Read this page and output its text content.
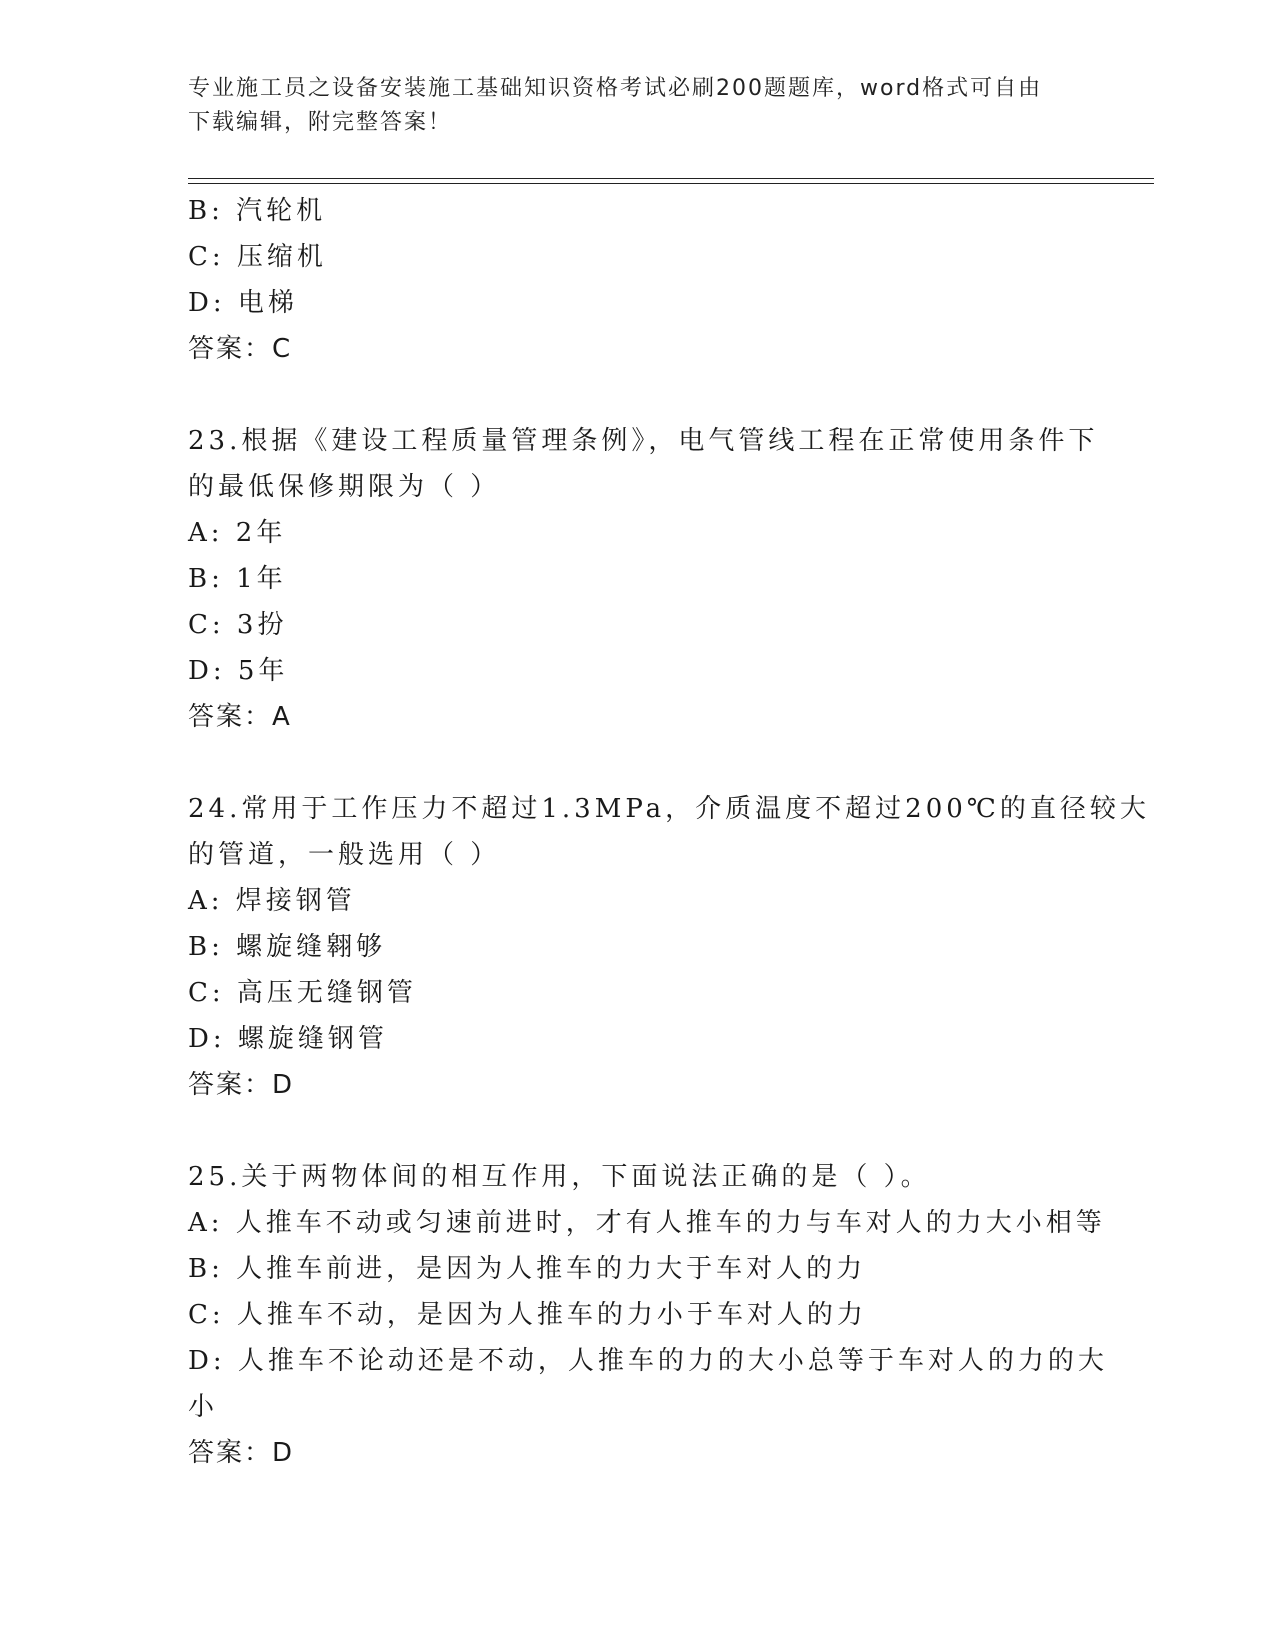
专业施工员之设备安装施工基础知识资格考试必刷200题题库，word格式可自由
下载编辑，附完整答案！
B: 汽轮机
C: 压缩机
D: 电梯
答案：C
23.根据《建设工程质量管理条例》，电气管线工程在正常使用条件下
的最低保修期限为（ ）
A: 2年
B: 1年
C: 3扮
D: 5年
答案：A
24.常用于工作压力不超过1.3MPa，介质温度不超过200℃的直径较大
的管道，一般选用（ ）
A: 焊接钢管
B: 螺旋缝翱够
C: 高压无缝钢管
D: 螺旋缝钢管
答案：D
25.关于两物体间的相互作用，下面说法正确的是（ ）。
A: 人推车不动或匀速前进时，才有人推车的力与车对人的力大小相等
B: 人推车前进，是因为人推车的力大于车对人的力
C: 人推车不动，是因为人推车的力小于车对人的力
D: 人推车不论动还是不动，人推车的力的大小总等于车对人的力的大
小
答案：D
